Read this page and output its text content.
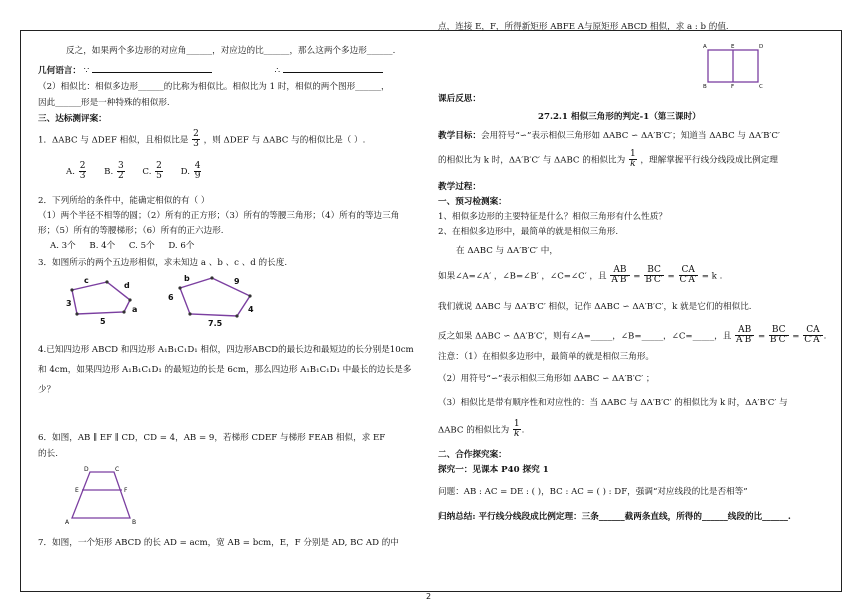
反之，如果两个多边形的对应角______，对应边的比______，那么这两个多边形______.
几何语言： ∵	∴
（2）相似比：相似多边形______的比称为相似比。相似比为 1 时，相似的两个图形______，
因此______形是一种特殊的相似形.
三、达标测评案：
1．ΔABC 与 ΔDEF 相似，且相似比是 $\frac{2}{3}$ ，则 ΔDEF 与 ΔABC 与的相似比是（ ）.
A. $\frac{2}{3} B$. $\frac{3}{2} C$. $\frac{2}{5} D$. $\frac{4}{9}$
2．下列所给的条件中，能确定相似的有（ ）
（1）两个半径不相等的圆；（2）所有的正方形；（3）所有的等腰三角形；（4）所有的等边三角
形；（5）所有的等腰梯形；（6）所有的正六边形.
A. 3个     B. 4个     C. 5个     D. 6个
3．如图所示的两个五边形相似，求未知边 a 、b 、c 、d 的长度.
c
d
a
3
5
b
6
9
4
7.5
4.已知四边形 ABCD 和四边形 A₁B₁C₁D₁ 相似，四边形ABCD的最长边和最短边的长分别是10cm
和 4cm，如果四边形 A₁B₁C₁D₁ 的最短边的长是 6cm，那么四边形 A₁B₁C₁D₁ 中最长的边长是多
少？
6．如图，AB ∥ EF ∥ CD，CD = 4，AB = 9，若梯形 CDEF 与梯形 FEAB 相似，求 EF
的长.
D	C
E	F
A	B
7．如图，一个矩形 ABCD 的长 AD = acm，宽 AB = bcm，E，F 分别是 AD, BC AD 的中
点，连接 E，F，所得新矩形 ABFE A与原矩形 ABCD 相似，求 a : b 的值.
A	E	D
B	F	C
课后反思：
27.2.1 相似三角形的判定-1（第三课时）
教学目标：会用符号“∽”表示相似三角形如 ΔABC ∽ ΔA′B′C′；知道当 ΔABC 与 ΔA′B′C′
的相似比为 k 时，ΔA′B′C′ 与 ΔABC 的相似比为 $\frac{1}{k}$ ，理解掌握平行线分线段成比例定理
教学过程：
一、预习检测案：
1、相似多边形的主要特征是什么？相似三角形有什么性质？
2、在相似多边形中，最简单的就是相似三角形.
在 ΔABC 与 ΔA′B′C′ 中，
如果∠A=∠A′ ，∠B=∠B′ ，∠C=∠C′ ，且 $\frac{AB}{A'B'} = \frac{BC}{B'C'} = \frac{CA}{C'A'} = k$ .
我们就说 ΔABC 与 ΔA′B′C′ 相似，记作 ΔABC ∽ ΔA′B′C′，k 就是它们的相似比.
反之如果 ΔABC ∽ ΔA′B′C′，则有∠A=_____，∠B=_____，∠C=_____，且 $\frac{AB}{A'B'} = \frac{BC}{B'C'} = \frac{CA}{C'A'}$ .
注意：（1）在相似多边形中，最简单的就是相似三角形。
（2）用符号“∽”表示相似三角形如 ΔABC ∽ ΔA′B′C′ ；
（3）相似比是带有顺序性和对应性的：当 ΔABC 与 ΔA′B′C′ 的相似比为 k 时，ΔA′B′C′ 与
ΔABC 的相似比为 $\frac{1}{k}$ .
二、合作探究案：
探究一：见课本 P40 探究 1
问题：AB : AC = DE : ( )，BC : AC = ( ) : DF，强调“对应线段的比是否相等”
归纳总结: 平行线分线段成比例定理：三条______截两条直线，所得的______线段的比______.
2
